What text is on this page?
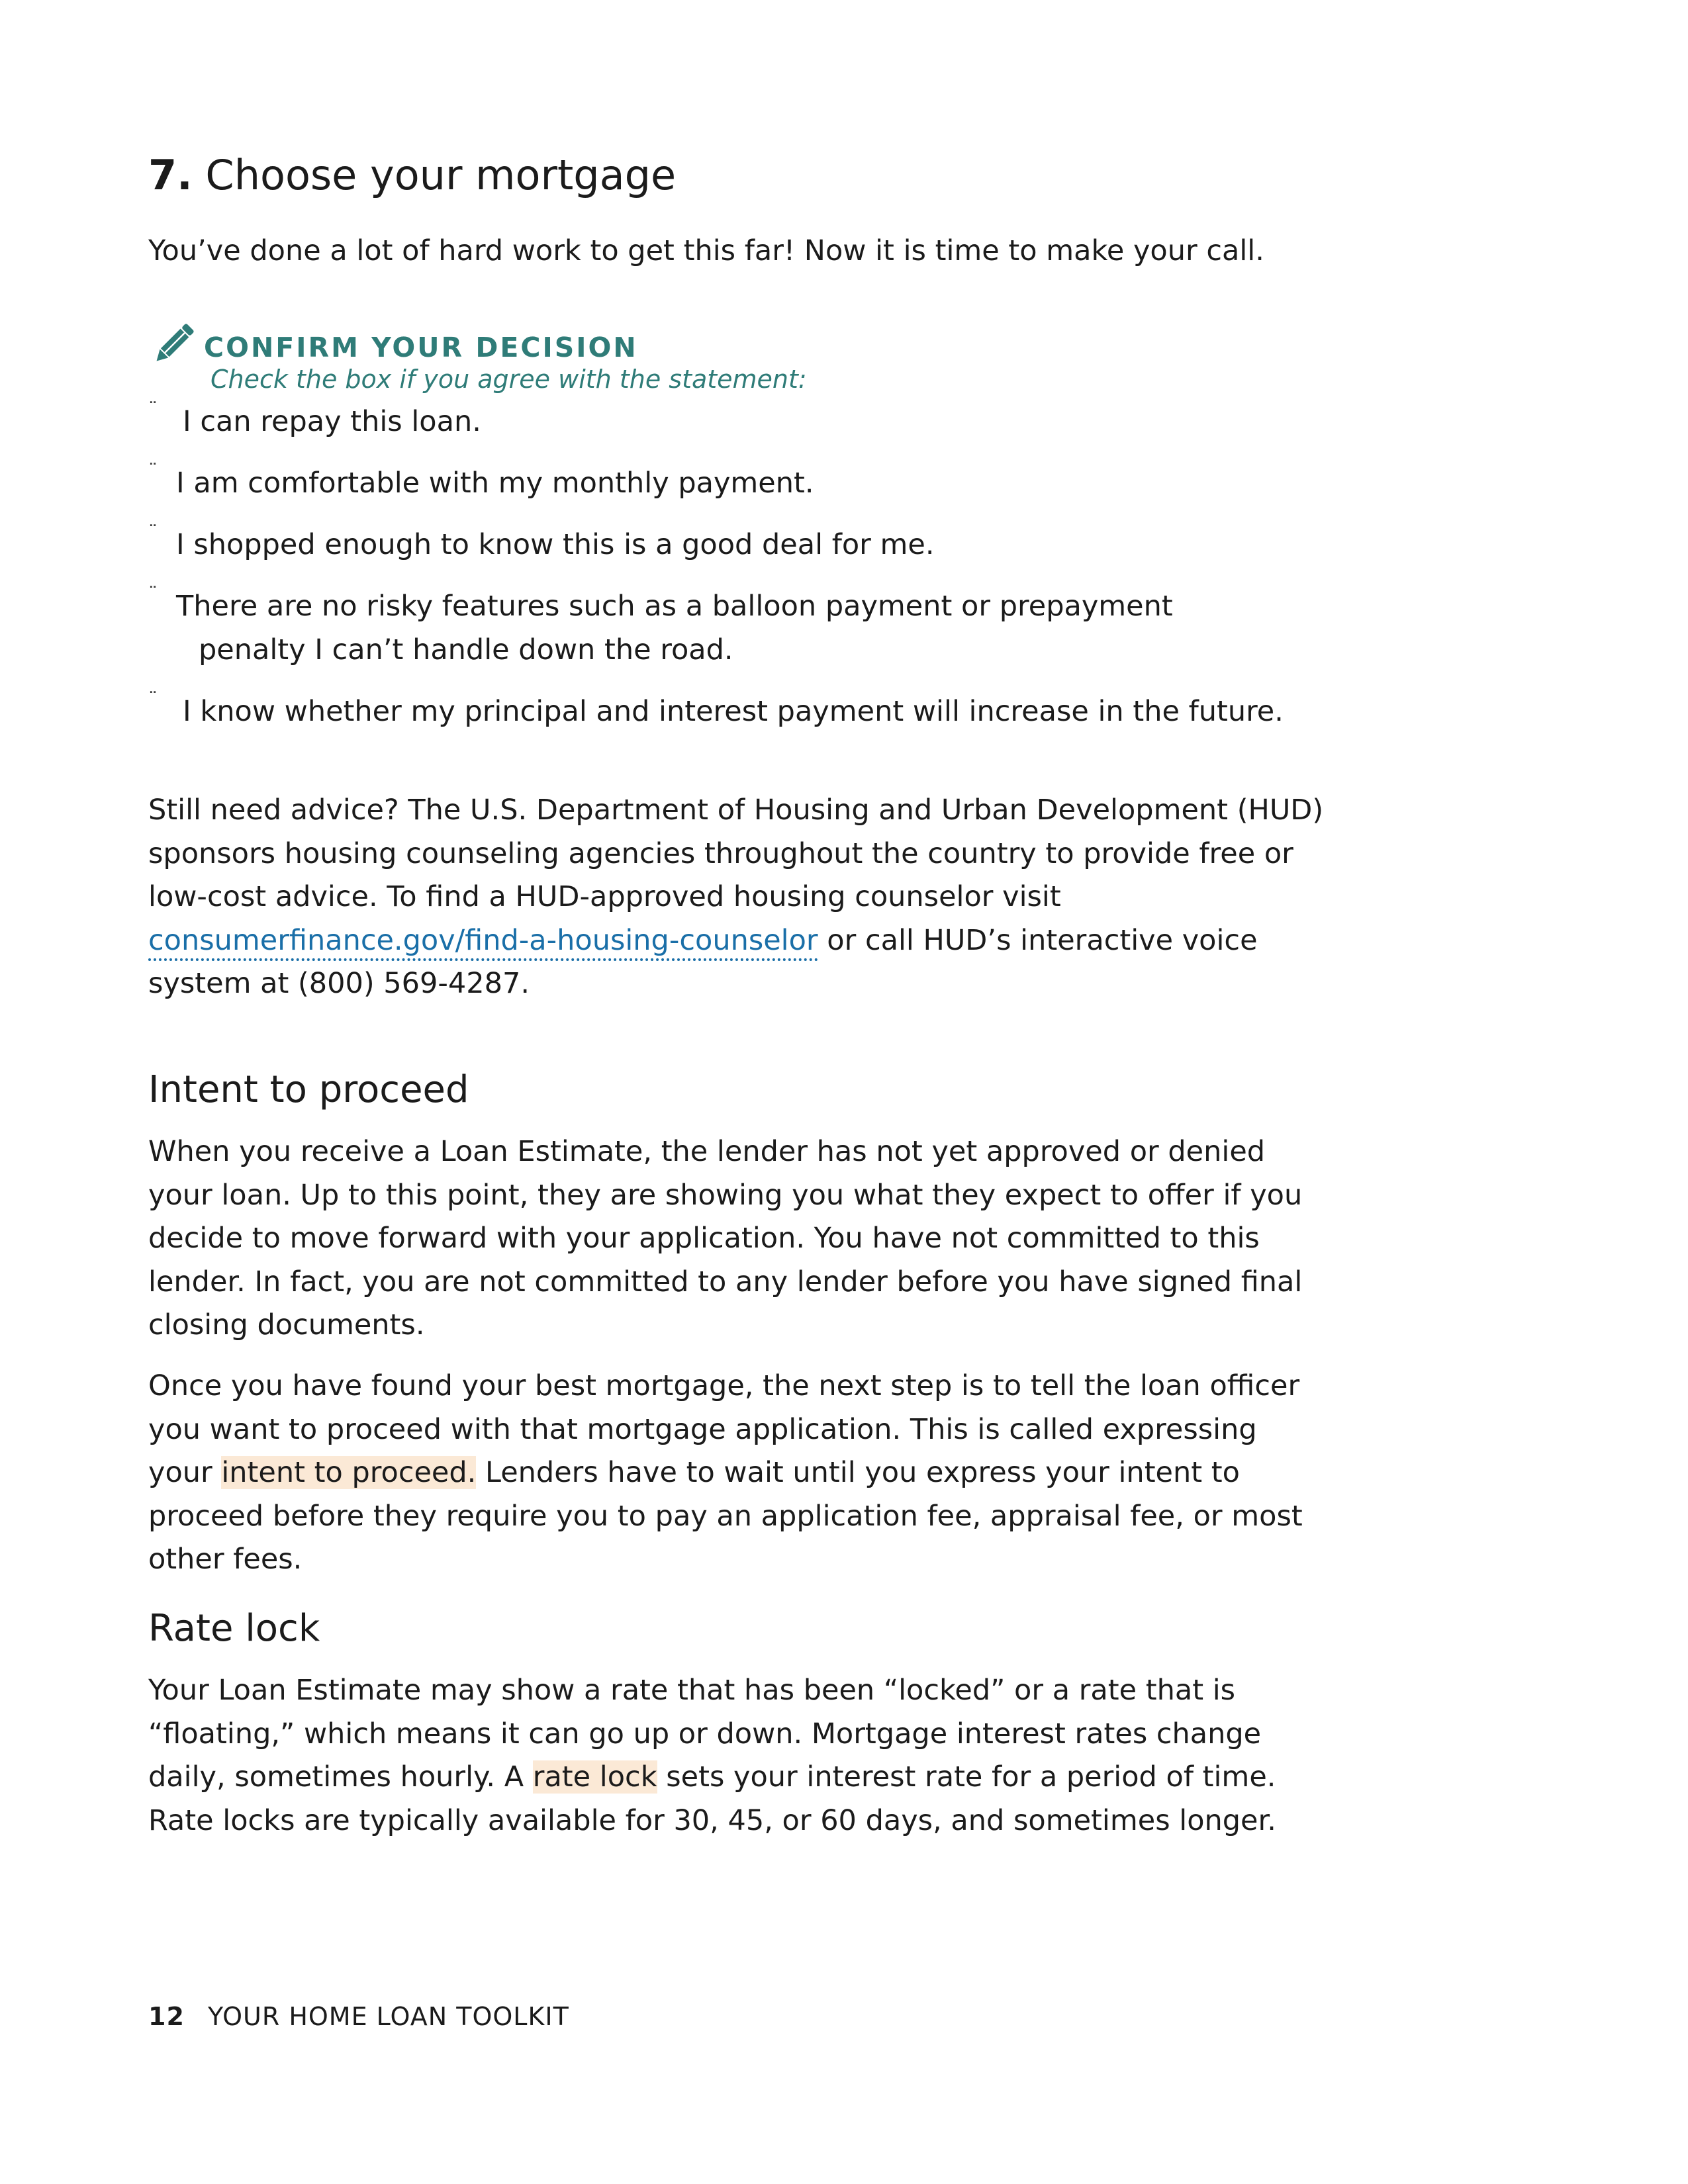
7. Choose your mortgage

You’ve done a lot of hard work to get this far! Now it is time to make your call.

CONFIRM YOUR DECISION
Check the box if you agree with the statement:
¨ I can repay this loan.
¨ I am comfortable with my monthly payment.
¨ I shopped enough to know this is a good deal for me.
¨ There are no risky features such as a balloon payment or prepayment
penalty I can’t handle down the road.
¨ I know whether my principal and interest payment will increase in the future.

Still need advice? The U.S. Department of Housing and Urban Development (HUD) sponsors housing counseling agencies throughout the country to provide free or low-cost advice. To find a HUD-approved housing counselor visit consumerfinance.gov/find-a-housing-counselor or call HUD’s interactive voice system at (800) 569-4287.

Intent to proceed

When you receive a Loan Estimate, the lender has not yet approved or denied your loan. Up to this point, they are showing you what they expect to offer if you decide to move forward with your application. You have not committed to this lender. In fact, you are not committed to any lender before you have signed final closing documents.

Once you have found your best mortgage, the next step is to tell the loan officer you want to proceed with that mortgage application. This is called expressing your intent to proceed. Lenders have to wait until you express your intent to proceed before they require you to pay an application fee, appraisal fee, or most other fees.

Rate lock

Your Loan Estimate may show a rate that has been “locked” or a rate that is “floating,” which means it can go up or down. Mortgage interest rates change daily, sometimes hourly. A rate lock sets your interest rate for a period of time. Rate locks are typically available for 30, 45, or 60 days, and sometimes longer.

12 YOUR HOME LOAN TOOLKIT
